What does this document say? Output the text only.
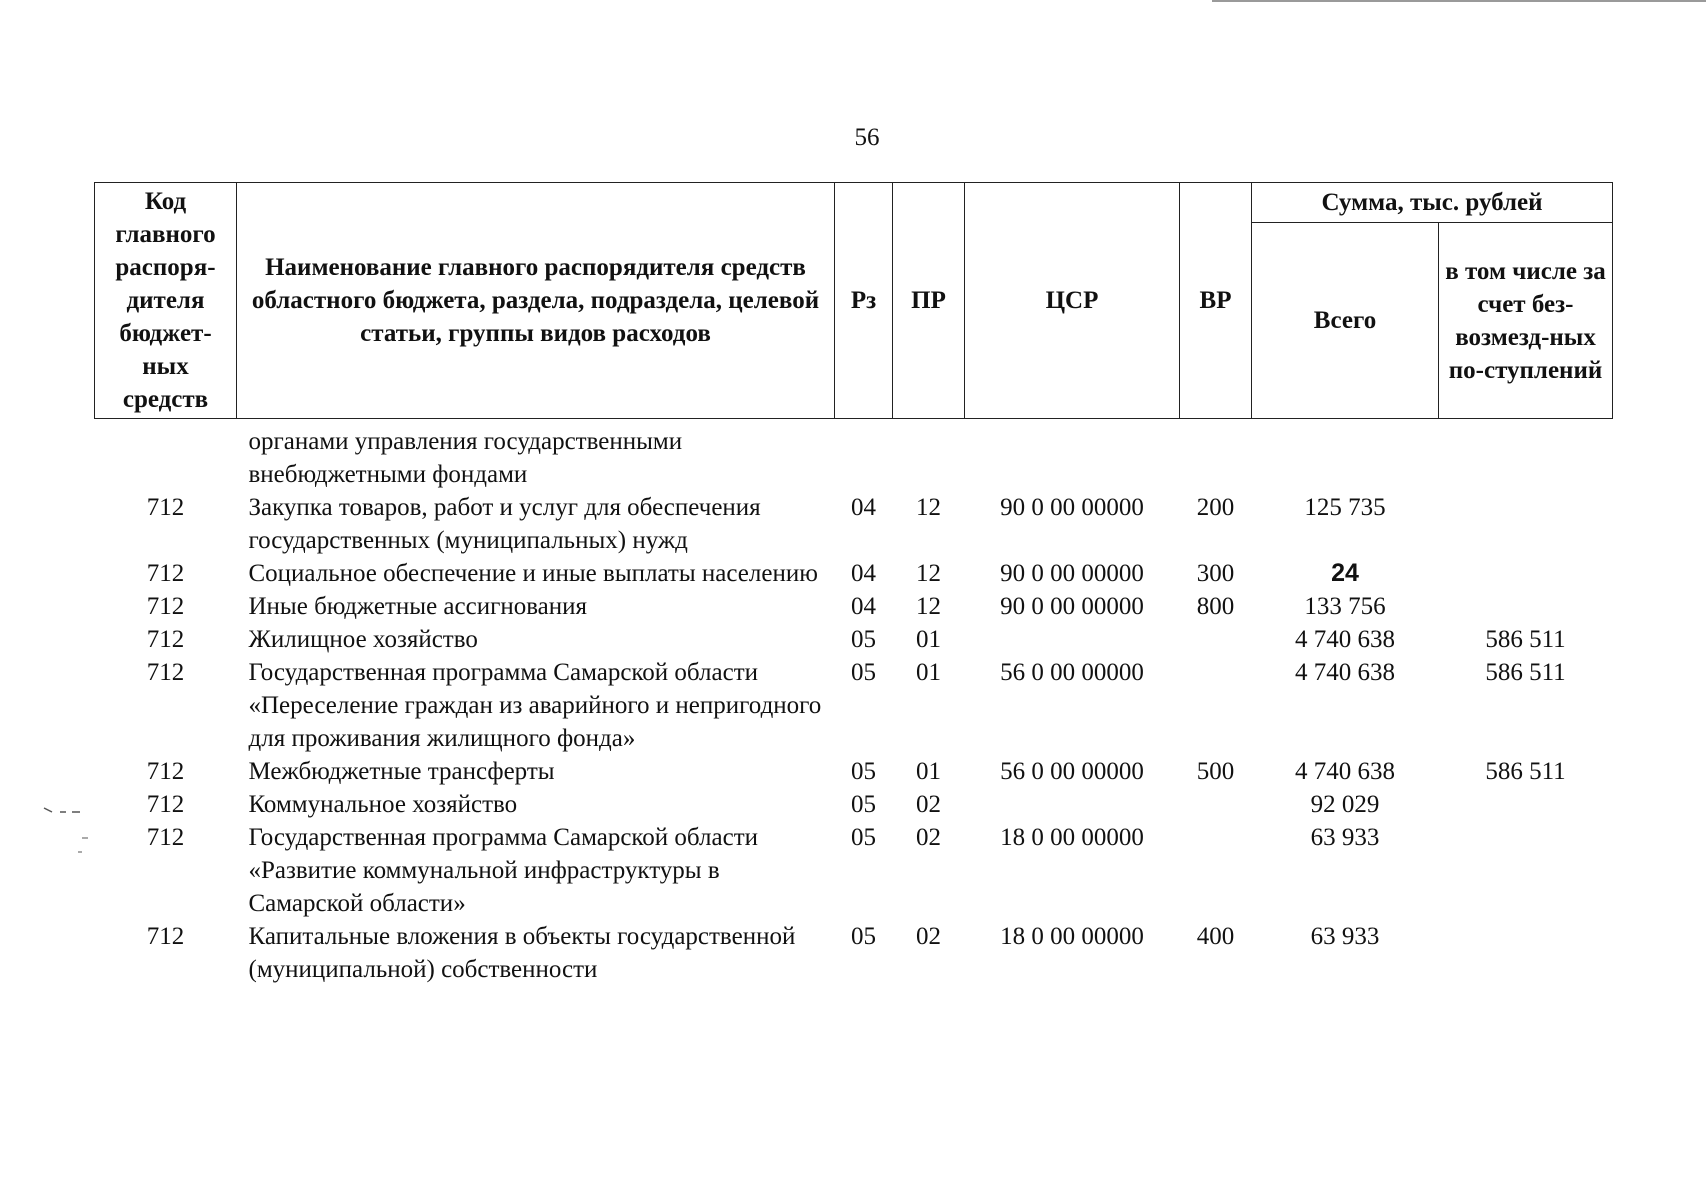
56
Код главного распоря-дителя бюджет-ных средств	Наименование главного распорядителя средств областного бюджета, раздела, подраздела, целевой статьи, группы видов расходов	Рз	ПР	ЦСР	ВР	Сумма, тыс. рублей	
						Всего	в том числе за счет без-возмезд-ных по-ступлений
	органами управления государственными внебюджетными фондами						
712	Закупка товаров, работ и услуг для обеспечения государственных (муниципальных) нужд	04	12	90 0 00 00000	200	125 735	
712	Социальное обеспечение и иные выплаты населению	04	12	90 0 00 00000	300	24	
712	Иные бюджетные ассигнования	04	12	90 0 00 00000	800	133 756	
712	Жилищное хозяйство	05	01			4 740 638	586 511
712	Государственная программа Самарской области «Переселение граждан из аварийного и непригодного для проживания жилищного фонда»	05	01	56 0 00 00000		4 740 638	586 511
712	Межбюджетные трансферты	05	01	56 0 00 00000	500	4 740 638	586 511
712	Коммунальное хозяйство	05	02			92 029	
712	Государственная программа Самарской области «Развитие коммунальной инфраструктуры в Самарской области»	05	02	18 0 00 00000		63 933	
712	Капитальные вложения в объекты государственной (муниципальной) собственности	05	02	18 0 00 00000	400	63 933	
